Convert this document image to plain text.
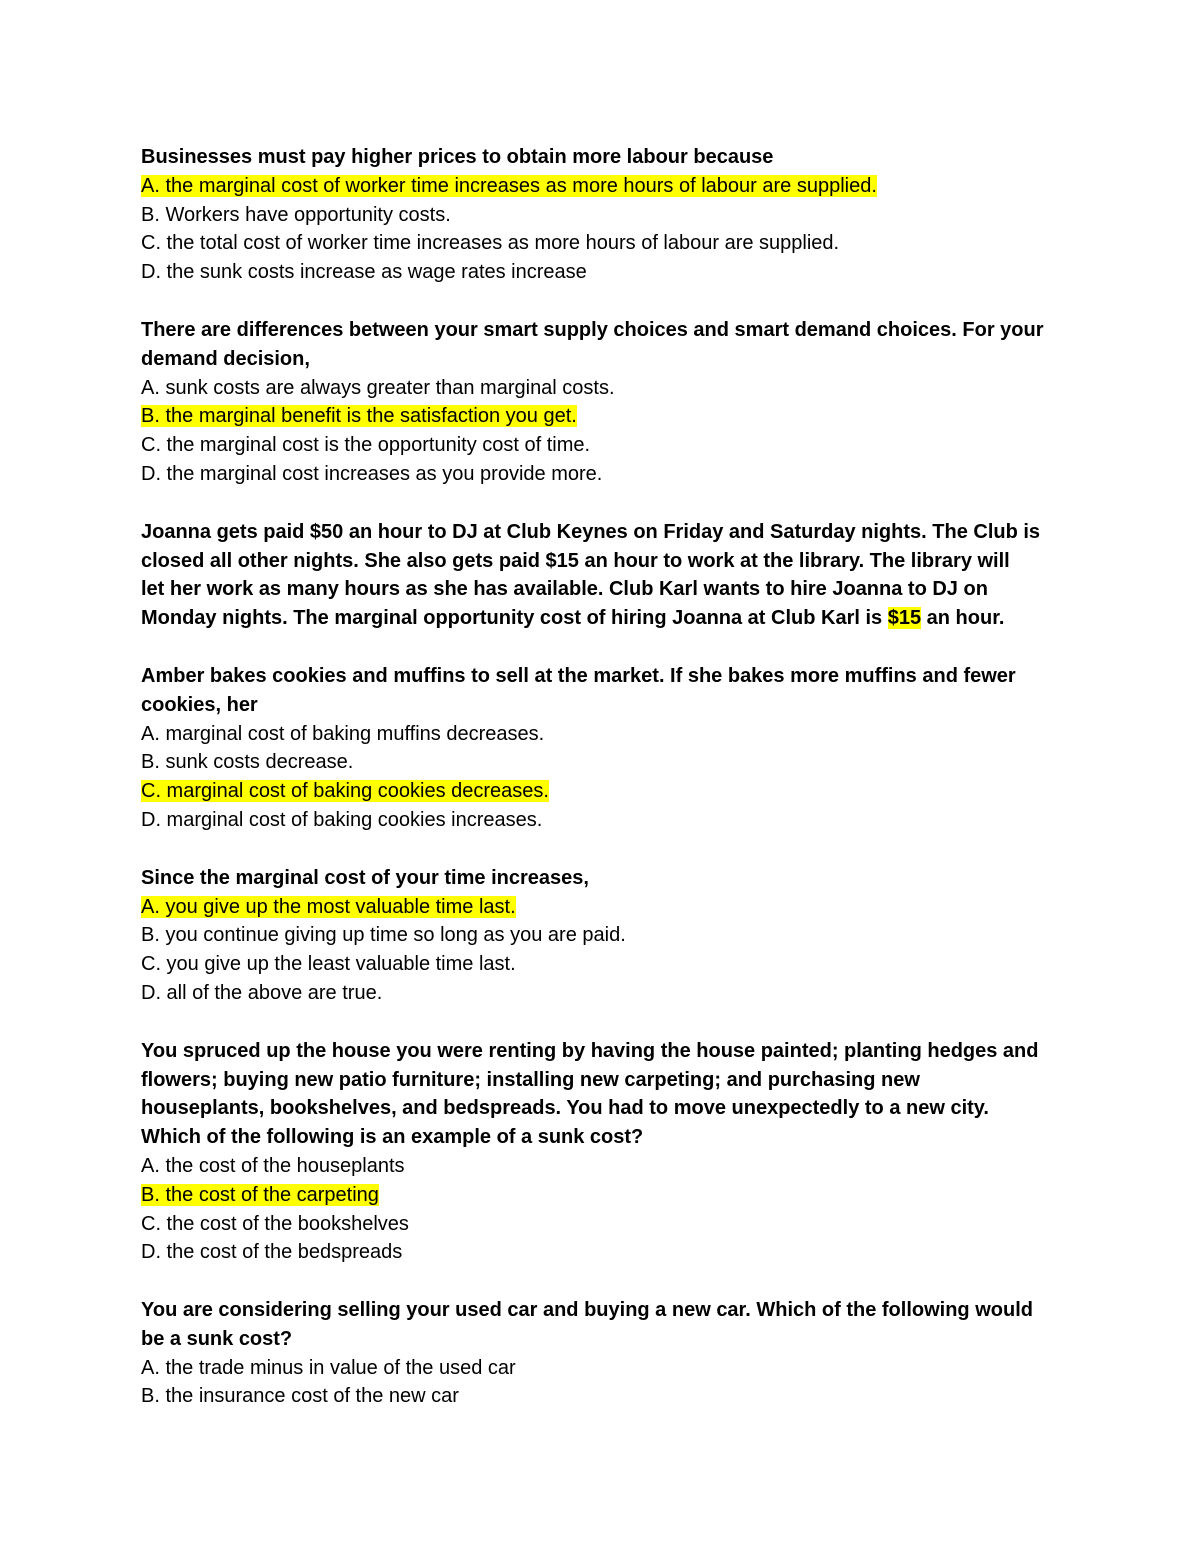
Businesses must pay higher prices to obtain more labour because
A. the marginal cost of worker time increases as more hours of labour are supplied.
B. Workers have opportunity costs.
C. the total cost of worker time increases as more hours of labour are supplied.
D. the sunk costs increase as wage rates increase
There are differences between your smart supply choices and smart demand choices. For your
demand decision,
A. sunk costs are always greater than marginal costs.
B. the marginal benefit is the satisfaction you get.
C. the marginal cost is the opportunity cost of time.
D. the marginal cost increases as you provide more.
Joanna gets paid $50 an hour to DJ at Club Keynes on Friday and Saturday nights. The Club is
closed all other nights. She also gets paid $15 an hour to work at the library. The library will
let her work as many hours as she has available. Club Karl wants to hire Joanna to DJ on
Monday nights. The marginal opportunity cost of hiring Joanna at Club Karl is $15 an hour.
Amber bakes cookies and muffins to sell at the market. If she bakes more muffins and fewer
cookies, her
A. marginal cost of baking muffins decreases.
B. sunk costs decrease.
C. marginal cost of baking cookies decreases.
D. marginal cost of baking cookies increases.
Since the marginal cost of your time increases,
A. you give up the most valuable time last.
B. you continue giving up time so long as you are paid.
C. you give up the least valuable time last.
D. all of the above are true.
You spruced up the house you were renting by having the house painted; planting hedges and
flowers; buying new patio furniture; installing new carpeting; and purchasing new
houseplants, bookshelves, and bedspreads. You had to move unexpectedly to a new city.
Which of the following is an example of a sunk cost?
A. the cost of the houseplants
B. the cost of the carpeting
C. the cost of the bookshelves
D. the cost of the bedspreads
You are considering selling your used car and buying a new car. Which of the following would
be a sunk cost?
A. the trade minus in value of the used car
B. the insurance cost of the new car
